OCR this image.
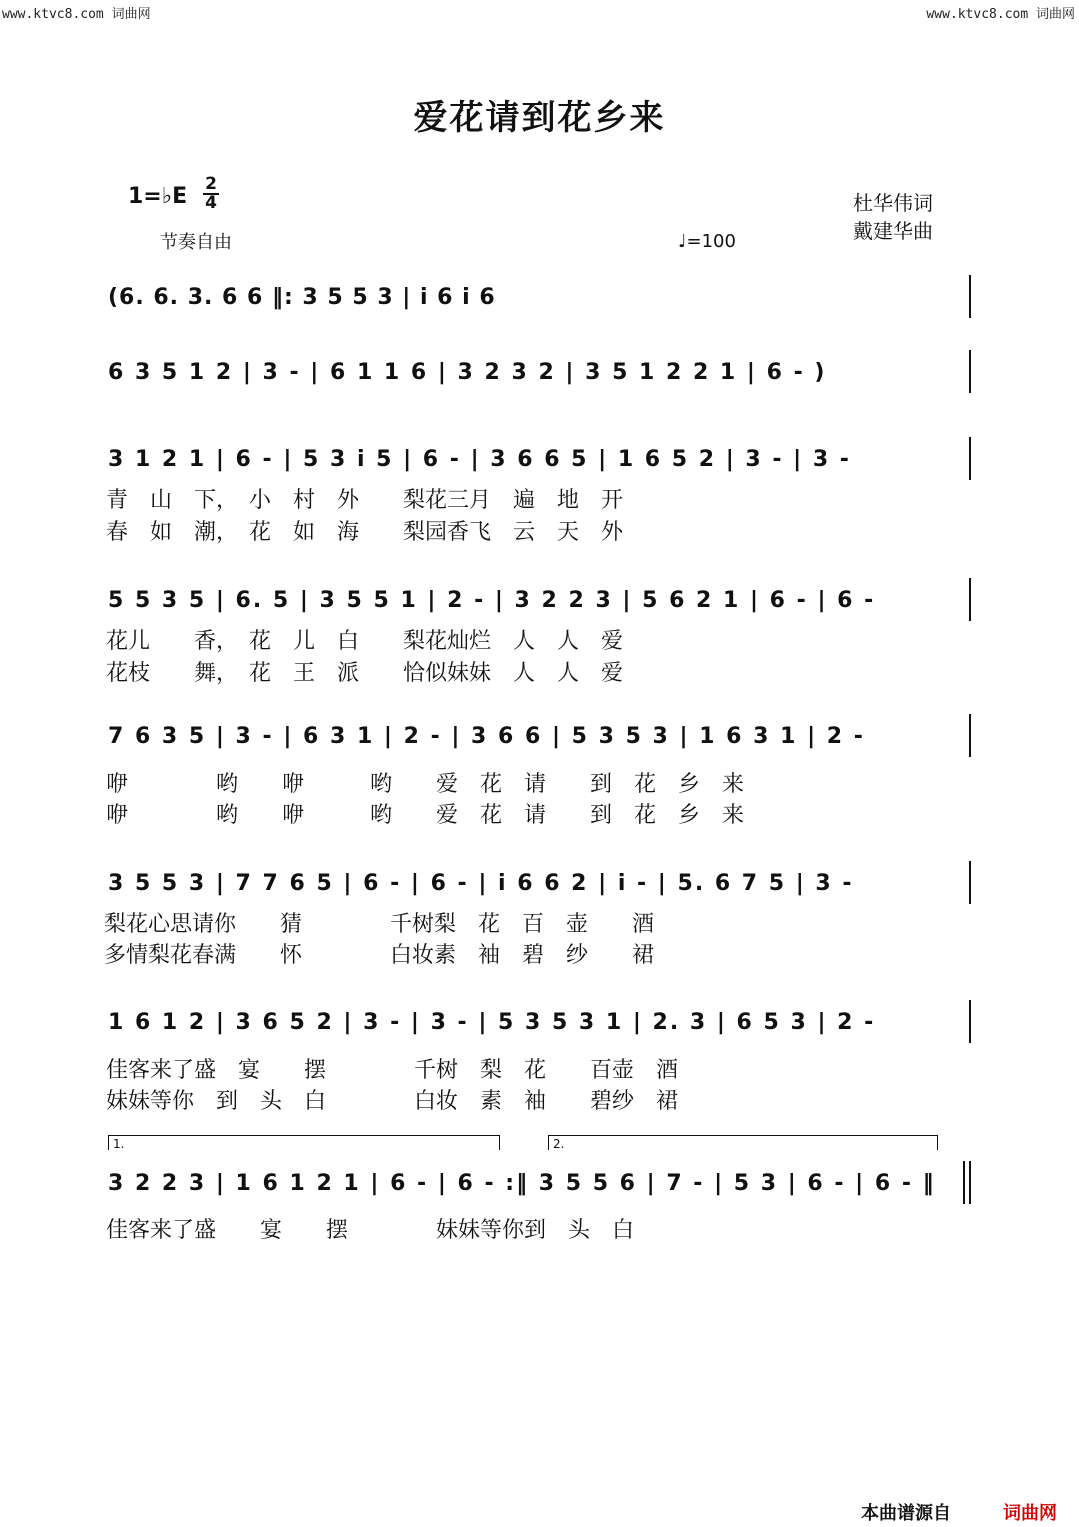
www.ktvc8.com 词曲网	www.ktvc8.com 词曲网
爱花请到花乡来
1=♭E 2
4
节奏自由	♩=100
杜华伟词
戴建华曲
(6. 6. 3. 6 6 ‖: 3 5 5 3 | i 6 i 6
6 3 5 1 2 | 3 - | 6 1 1 6 | 3 2 3 2 | 3 5 1 2 2 1 | 6 - )
3 1 2 1 | 6 - | 5 3 i 5 | 6 - | 3 6 6 5 | 1 6 5 2 | 3 - | 3 -
青　山　下，　小　村　外　　梨花三月　遍　地　开
春　如　潮，　花　如　海　　梨园香飞　云　天　外
5 5 3 5 | 6. 5 | 3 5 5 1 | 2 - | 3 2 2 3 | 5 6 2 1 | 6 - | 6 -
花儿　　香，　花　儿　白　　梨花灿烂　人　人　爱
花枝　　舞，　花　王　派　　恰似妹妹　人　人　爱
7 6 3 5 | 3 - | 6 3 1 | 2 - | 3 6 6 | 5 3 5 3 | 1 6 3 1 | 2 -
咿　　　　哟　　咿　　　哟　　爱　花　请　　到　花　乡　来
咿　　　　哟　　咿　　　哟　　爱　花　请　　到　花　乡　来
3 5 5 3 | 7 7 6 5 | 6 - | 6 - | i 6 6 2 | i - | 5. 6 7 5 | 3 -
梨花心思请你　　猜　　　　千树梨　花　百　壶　　酒
多情梨花春满　　怀　　　　白妆素　袖　碧　纱　　裙
1 6 1 2 | 3 6 5 2 | 3 - | 3 - | 5 3 5 3 1 | 2. 3 | 6 5 3 | 2 -
佳客来了盛　宴　　摆　　　　千树　梨　花　　百壶　酒
妹妹等你　到　头　白　　　　白妆　素　袖　　碧纱　裙
1.	2.
3 2 2 3 | 1 6 1 2 1 | 6 - | 6 - :‖ 3 5 5 6 | 7 - | 5 3 | 6 - | 6 - ‖
佳客来了盛　　宴　　摆　　　　妹妹等你到　头　白
本曲谱源自	词曲网
